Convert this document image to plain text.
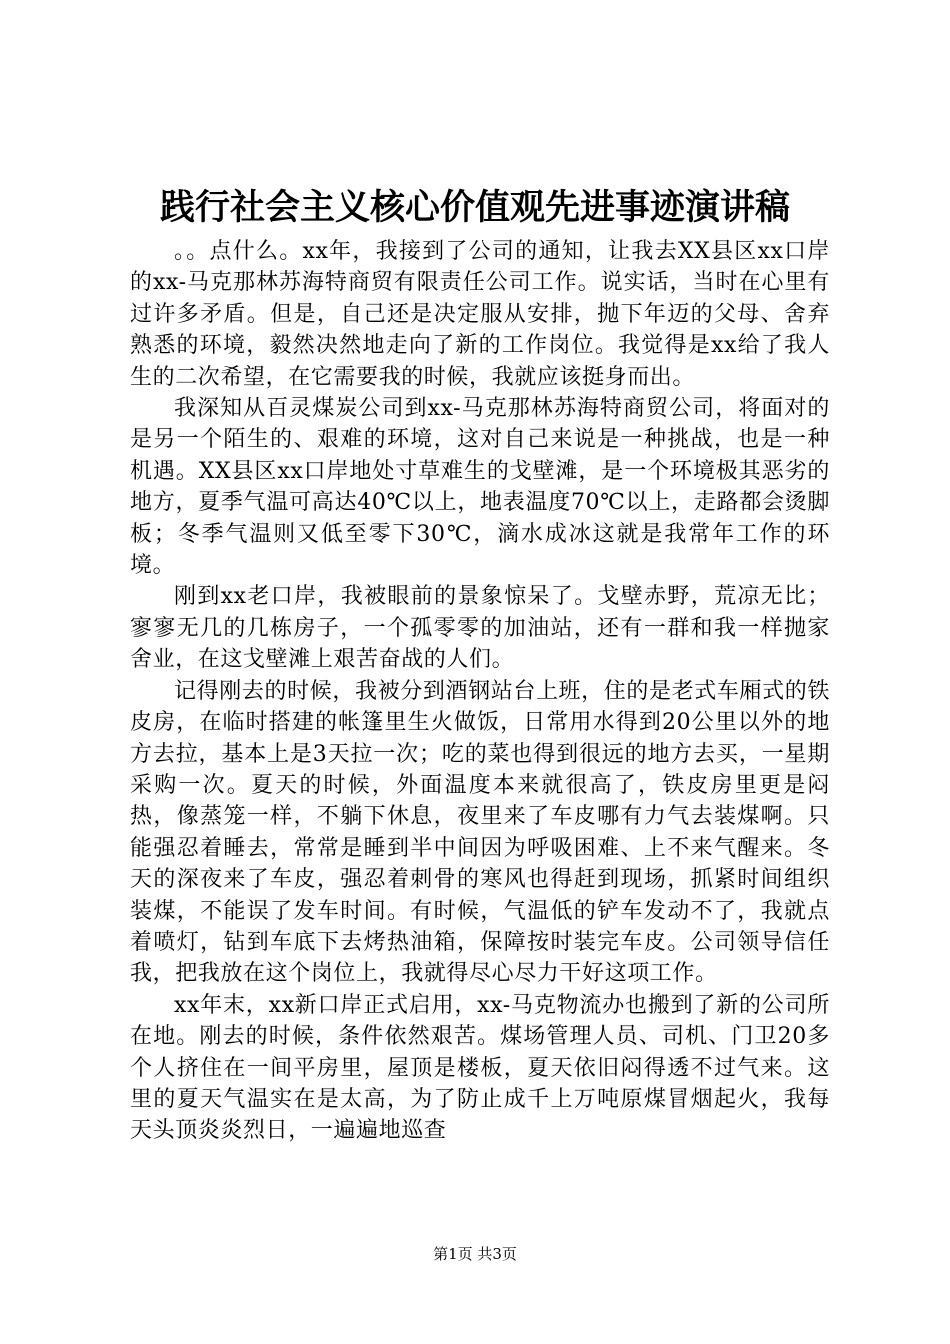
践行社会主义核心价值观先进事迹演讲稿

。。点什么。xx年，我接到了公司的通知，让我去XX县区xx口岸的xx-马克那林苏海特商贸有限责任公司工作。说实话，当时在心里有过许多矛盾。但是，自己还是决定服从安排，抛下年迈的父母、舍弃熟悉的环境，毅然决然地走向了新的工作岗位。我觉得是xx给了我人生的二次希望，在它需要我的时候，我就应该挺身而出。

我深知从百灵煤炭公司到xx-马克那林苏海特商贸公司，将面对的是另一个陌生的、艰难的环境，这对自己来说是一种挑战，也是一种机遇。XX县区xx口岸地处寸草难生的戈壁滩，是一个环境极其恶劣的地方，夏季气温可高达40℃以上，地表温度70℃以上，走路都会烫脚板；冬季气温则又低至零下30℃，滴水成冰这就是我常年工作的环境。

刚到xx老口岸，我被眼前的景象惊呆了。戈壁赤野，荒凉无比；寥寥无几的几栋房子，一个孤零零的加油站，还有一群和我一样抛家舍业，在这戈壁滩上艰苦奋战的人们。

记得刚去的时候，我被分到酒钢站台上班，住的是老式车厢式的铁皮房，在临时搭建的帐篷里生火做饭，日常用水得到20公里以外的地方去拉，基本上是3天拉一次；吃的菜也得到很远的地方去买，一星期采购一次。夏天的时候，外面温度本来就很高了，铁皮房里更是闷热，像蒸笼一样，不躺下休息，夜里来了车皮哪有力气去装煤啊。只能强忍着睡去，常常是睡到半中间因为呼吸困难、上不来气醒来。冬天的深夜来了车皮，强忍着刺骨的寒风也得赶到现场，抓紧时间组织装煤，不能误了发车时间。有时候，气温低的铲车发动不了，我就点着喷灯，钻到车底下去烤热油箱，保障按时装完车皮。公司领导信任我，把我放在这个岗位上，我就得尽心尽力干好这项工作。

xx年末，xx新口岸正式启用，xx-马克物流办也搬到了新的公司所在地。刚去的时候，条件依然艰苦。煤场管理人员、司机、门卫20多个人挤住在一间平房里，屋顶是楼板，夏天依旧闷得透不过气来。这里的夏天气温实在是太高，为了防止成千上万吨原煤冒烟起火，我每天头顶炎炎烈日，一遍遍地巡查

第1页 共3页
